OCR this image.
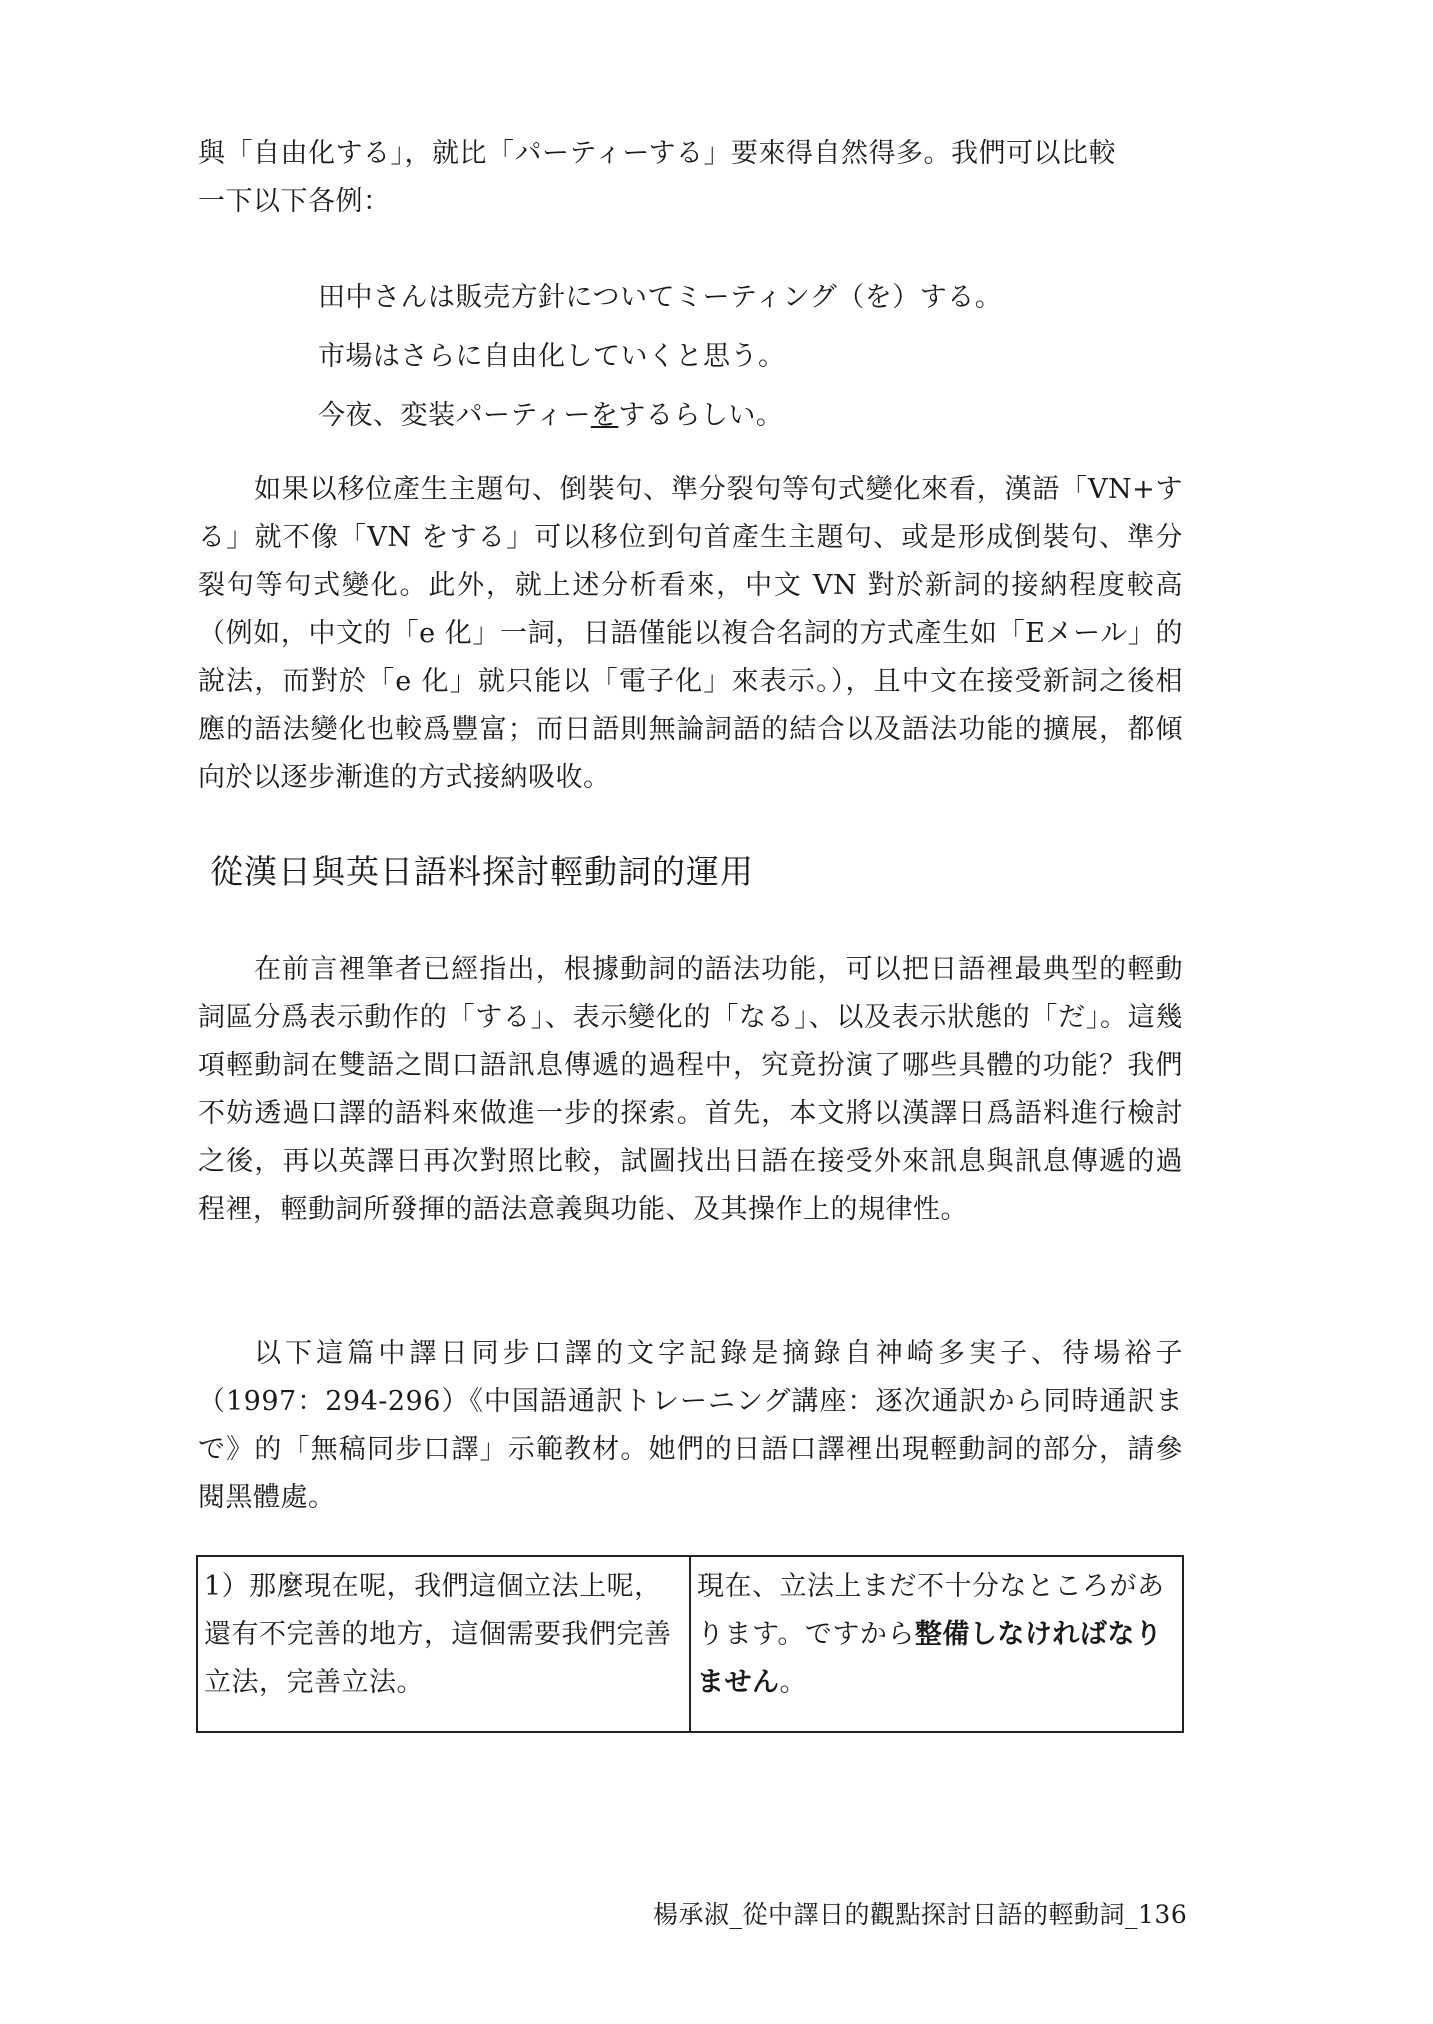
與「自由化する」，就比「パーティーする」要來得自然得多。我們可以比較

一下以下各例：

田中さんは販売方針についてミーティング（を）する。

市場はさらに自由化していくと思う。

今夜、変装パーティーをするらしい。

如果以移位產生主題句、倒裝句、準分裂句等句式變化來看，漢語「VN+する」就不像「VN をする」可以移位到句首產生主題句、或是形成倒裝句、準分裂句等句式變化。此外，就上述分析看來，中文 VN 對於新詞的接納程度較高（例如，中文的「e 化」一詞，日語僅能以複合名詞的方式產生如「Eメール」的說法，而對於「e 化」就只能以「電子化」來表示。），且中文在接受新詞之後相應的語法變化也較爲豐富；而日語則無論詞語的結合以及語法功能的擴展，都傾向於以逐步漸進的方式接納吸收。

從漢日與英日語料探討輕動詞的運用

在前言裡筆者已經指出，根據動詞的語法功能，可以把日語裡最典型的輕動詞區分爲表示動作的「する」、表示變化的「なる」、以及表示狀態的「だ」。這幾項輕動詞在雙語之間口語訊息傳遞的過程中，究竟扮演了哪些具體的功能？我們不妨透過口譯的語料來做進一步的探索。首先，本文將以漢譯日爲語料進行檢討之後，再以英譯日再次對照比較，試圖找出日語在接受外來訊息與訊息傳遞的過程裡，輕動詞所發揮的語法意義與功能、及其操作上的規律性。

以下這篇中譯日同步口譯的文字記錄是摘錄自神崎多実子、待場裕子（1997：294-296）《中国語通訳トレーニング講座：逐次通訳から同時通訳まで》的「無稿同步口譯」示範教材。她們的日語口譯裡出現輕動詞的部分，請參閱黑體處。

1）那麼現在呢，我們這個立法上呢，還有不完善的地方，這個需要我們完善立法，完善立法。	現在、立法上まだ不十分なところがあります。ですから整備しなければなりません。
楊承淑_從中譯日的觀點探討日語的輕動詞_136
